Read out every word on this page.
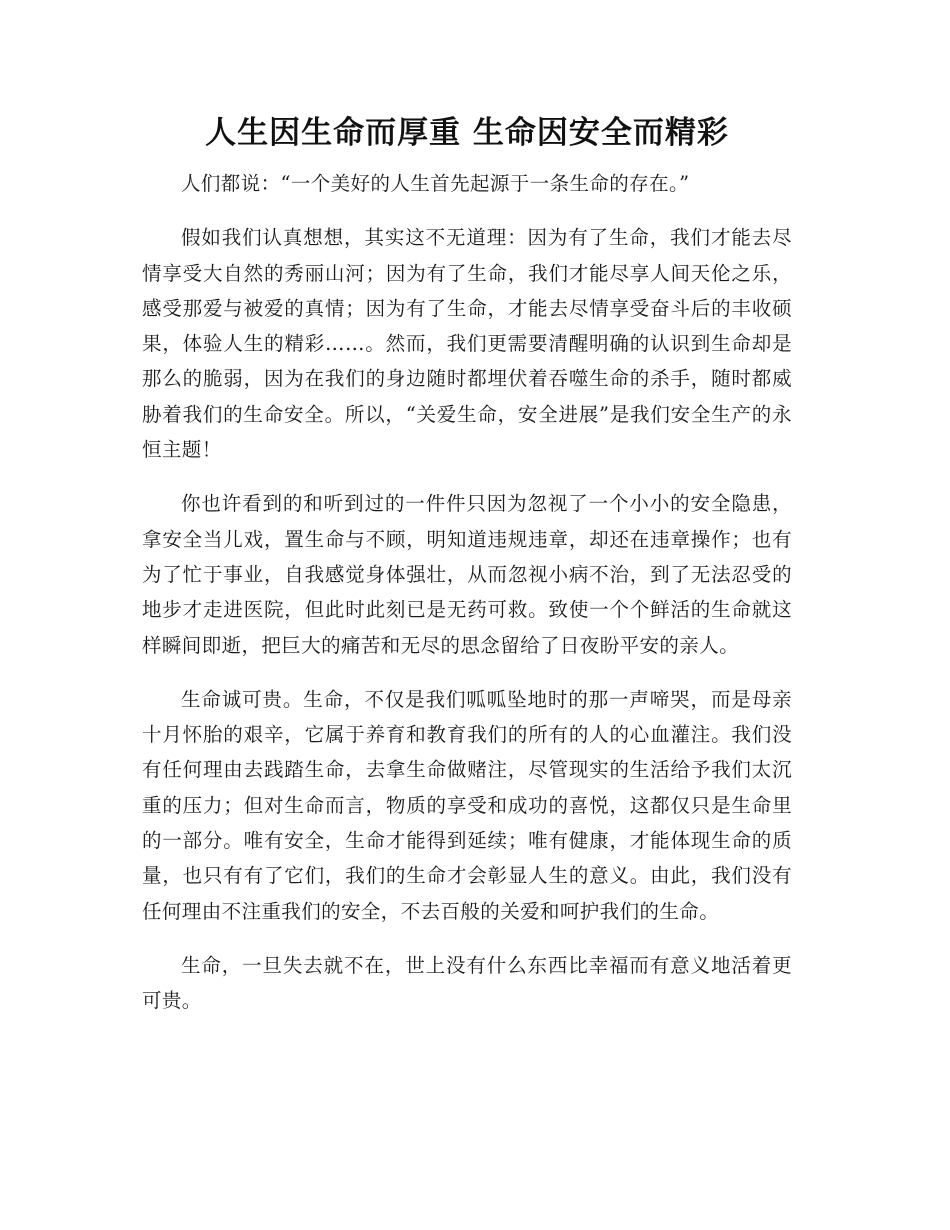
人生因生命而厚重 生命因安全而精彩

人们都说：“一个美好的人生首先起源于一条生命的存在。”

假如我们认真想想，其实这不无道理：因为有了生命，我们才能去尽情享受大自然的秀丽山河；因为有了生命，我们才能尽享人间天伦之乐，感受那爱与被爱的真情；因为有了生命，才能去尽情享受奋斗后的丰收硕果，体验人生的精彩……。然而，我们更需要清醒明确的认识到生命却是那么的脆弱，因为在我们的身边随时都埋伏着吞噬生命的杀手，随时都威胁着我们的生命安全。所以，“关爱生命，安全进展”是我们安全生产的永恒主题！

你也许看到的和听到过的一件件只因为忽视了一个小小的安全隐患，拿安全当儿戏，置生命与不顾，明知道违规违章，却还在违章操作；也有为了忙于事业，自我感觉身体强壮，从而忽视小病不治，到了无法忍受的地步才走进医院，但此时此刻已是无药可救。致使一个个鲜活的生命就这样瞬间即逝，把巨大的痛苦和无尽的思念留给了日夜盼平安的亲人。

生命诚可贵。生命，不仅是我们呱呱坠地时的那一声啼哭，而是母亲十月怀胎的艰辛，它属于养育和教育我们的所有的人的心血灌注。我们没有任何理由去践踏生命，去拿生命做赌注，尽管现实的生活给予我们太沉重的压力；但对生命而言，物质的享受和成功的喜悦，这都仅只是生命里的一部分。唯有安全，生命才能得到延续；唯有健康，才能体现生命的质量，也只有有了它们，我们的生命才会彰显人生的意义。由此，我们没有任何理由不注重我们的安全，不去百般的关爱和呵护我们的生命。

生命，一旦失去就不在，世上没有什么东西比幸福而有意义地活着更可贵。
